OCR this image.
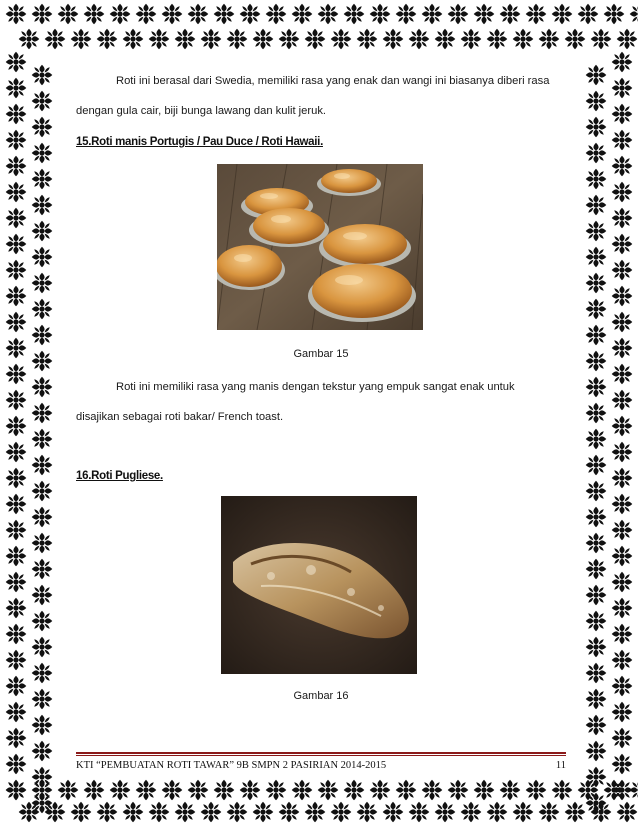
Roti ini berasal dari Swedia, memiliki rasa yang enak dan wangi ini biasanya diberi rasa
dengan gula cair, biji bunga lawang dan kulit jeruk.
15.Roti manis Portugis / Pau Duce / Roti Hawaii.
Gambar 15
Roti ini memiliki rasa yang manis dengan tekstur yang empuk sangat enak untuk
disajikan sebagai roti bakar/ French toast.
16.Roti Pugliese.
Gambar 16
KTI “PEMBUATAN ROTI TAWAR” 9B SMPN 2 PASIRIAN 2014-2015	11
